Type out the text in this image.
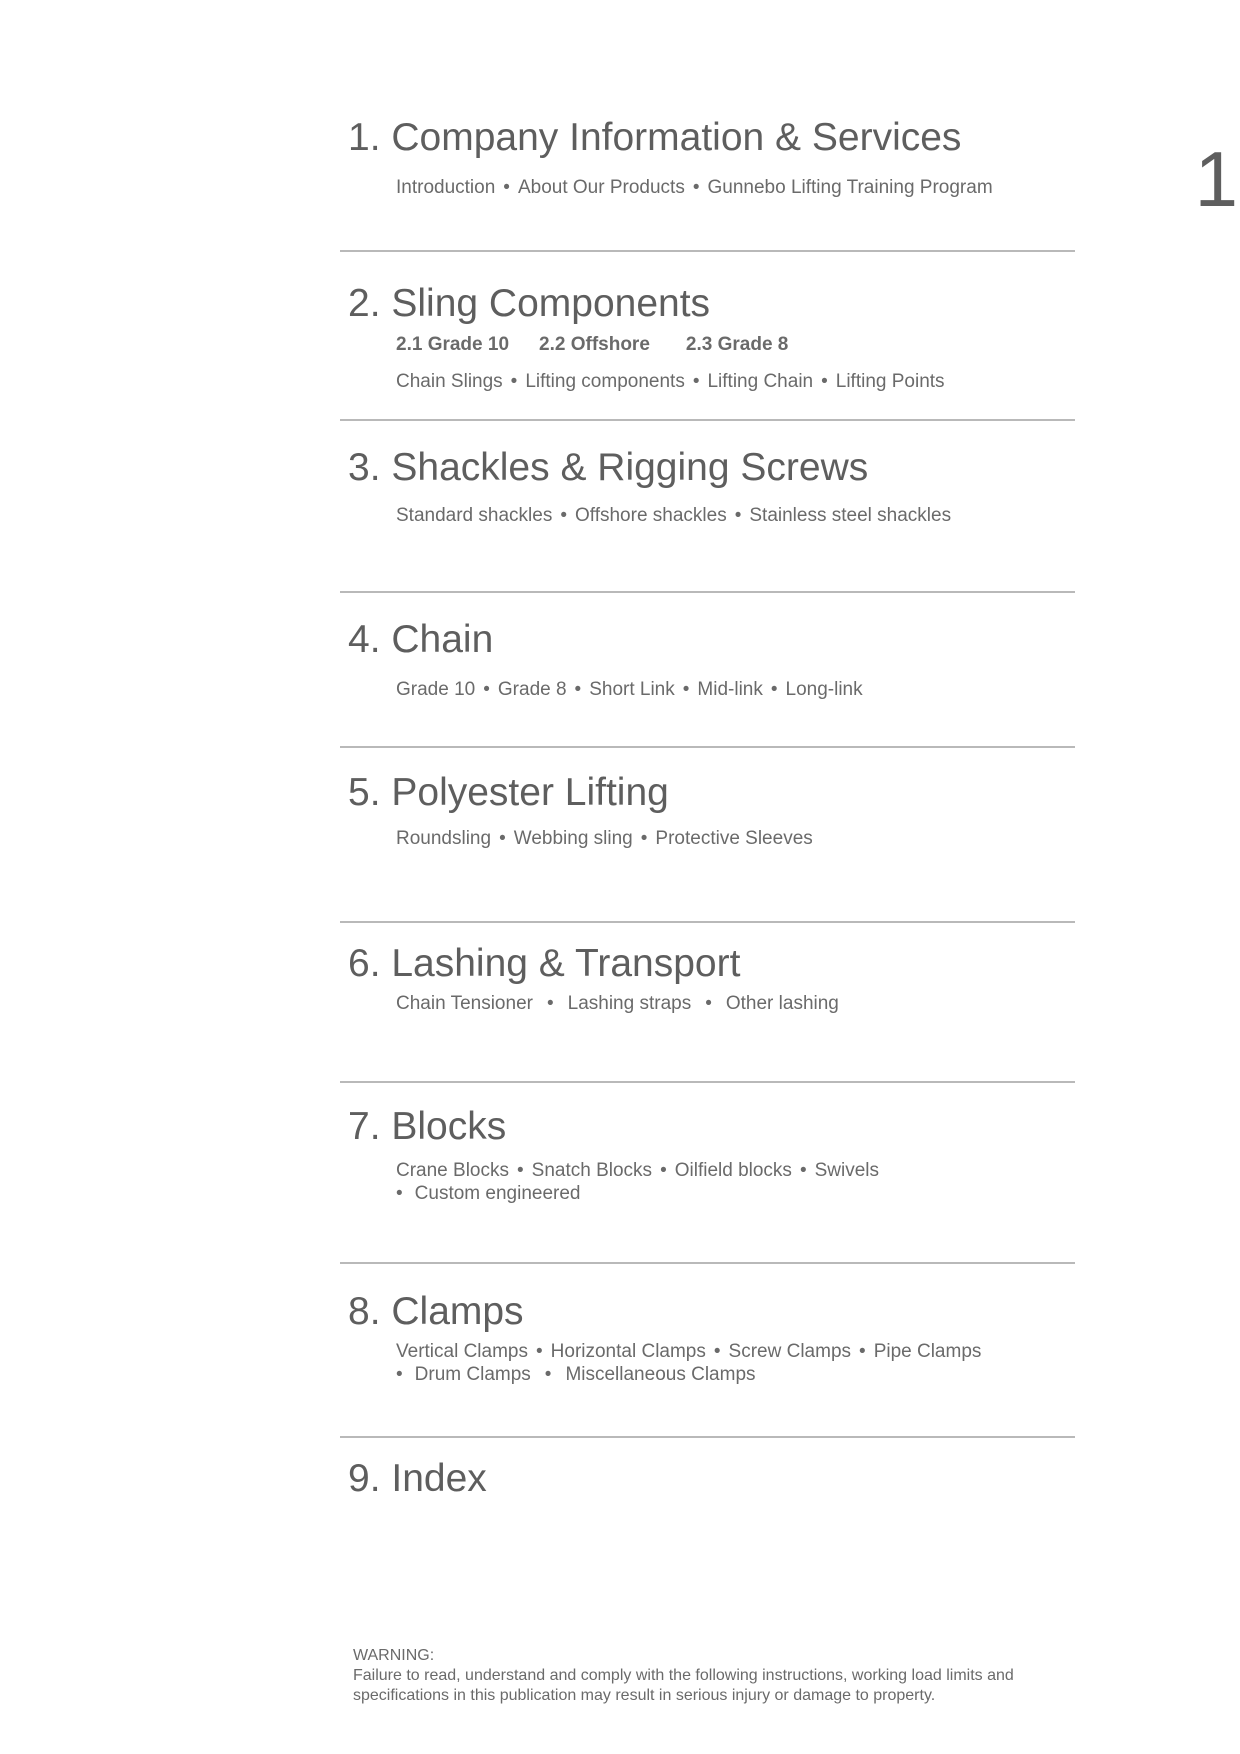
1
1. Company Information & Services
Introduction • About Our Products • Gunnebo Lifting Training Program
2. Sling Components
2.1 Grade 10 2.2 Offshore 2.3 Grade 8
Chain Slings • Lifting components • Lifting Chain • Lifting Points
3. Shackles & Rigging Screws
Standard shackles • Offshore shackles • Stainless steel shackles
4. Chain
Grade 10 • Grade 8 • Short Link • Mid-link • Long-link
5. Polyester Lifting
Roundsling • Webbing sling • Protective Sleeves
6. Lashing & Transport
Chain Tensioner • Lashing straps • Other lashing
7. Blocks
Crane Blocks • Snatch Blocks • Oilfield blocks • Swivels
• Custom engineered
8. Clamps
Vertical Clamps • Horizontal Clamps • Screw Clamps • Pipe Clamps
• Drum Clamps • Miscellaneous Clamps
9. Index
WARNING:
Failure to read, understand and comply with the following instructions, working load limits and specifications in this publication may result in serious injury or damage to property.
